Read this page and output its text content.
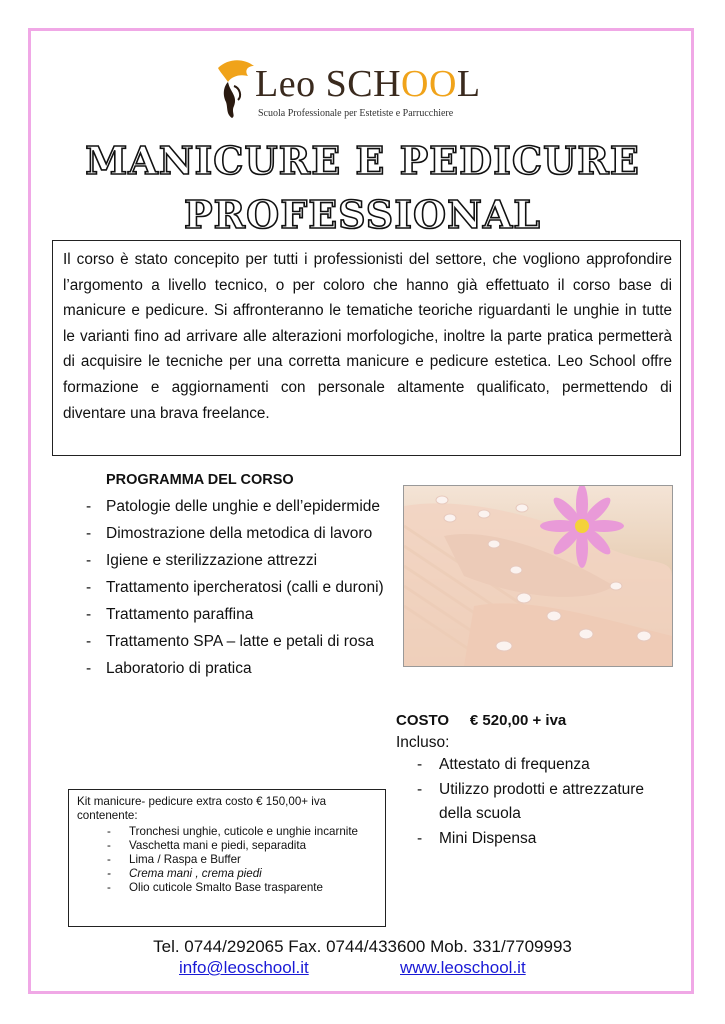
Leo SCHOOL
Scuola Professionale per Estetiste e Parrucchiere
MANICURE E PEDICURE
PROFESSIONAL
Il corso è stato concepito per tutti i professionisti del settore, che vogliono approfondire l’argomento a livello tecnico, o per coloro che hanno già effettuato il corso base di manicure e pedicure. Si affronteranno le tematiche teoriche riguardanti le unghie in tutte le varianti fino ad arrivare alle alterazioni morfologiche, inoltre la parte pratica permetterà di acquisire le tecniche per una corretta manicure e pedicure estetica. Leo School offre formazione e aggiornamenti con personale altamente qualificato, permettendo di diventare una brava freelance.
PROGRAMMA DEL CORSO
- Patologie delle unghie e dell’epidermide
- Dimostrazione della metodica di lavoro
- Igiene e sterilizzazione attrezzi
- Trattamento ipercheratosi (calli e duroni)
- Trattamento paraffina
- Trattamento SPA – latte e petali di rosa
- Laboratorio di pratica
COSTO € 520,00 + iva
Incluso:
- Attestato di frequenza
- Utilizzo prodotti e attrezzature della scuola
- Mini Dispensa
Kit manicure- pedicure extra costo € 150,00+ iva contenente:
- Tronchesi unghie, cuticole e unghie incarnite
- Vaschetta mani e piedi, separadita
- Lima / Raspa e Buffer
- Crema mani , crema piedi
- Olio cuticole Smalto Base trasparente
Tel. 0744/292065 Fax. 0744/433600 Mob. 331/7709993
info@leoschool.it	www.leoschool.it
